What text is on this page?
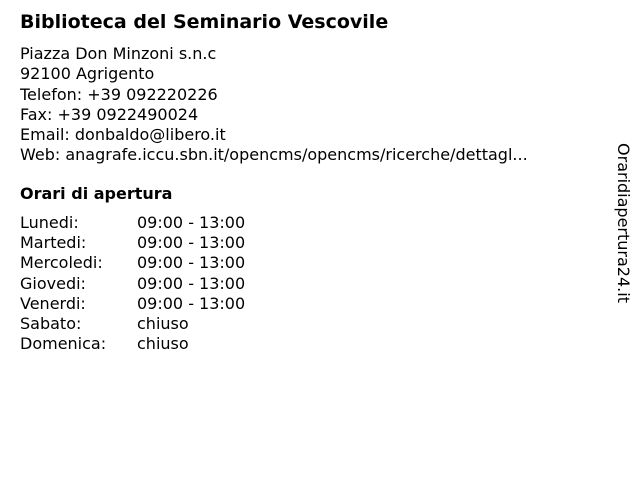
Biblioteca del Seminario Vescovile
Piazza Don Minzoni s.n.c
92100 Agrigento
Telefon: +39 092220226
Fax: +39 0922490024
Email: donbaldo@libero.it
Web: anagrafe.iccu.sbn.it/opencms/opencms/ricerche/dettagl...
Orari di apertura
Lunedi:	09:00 - 13:00
Martedi:	09:00 - 13:00
Mercoledi: 09:00 - 13:00
Giovedi:	09:00 - 13:00
Venerdi:	09:00 - 13:00
Sabato:	chiuso
Domenica: chiuso
Oraridiapertura24.it
